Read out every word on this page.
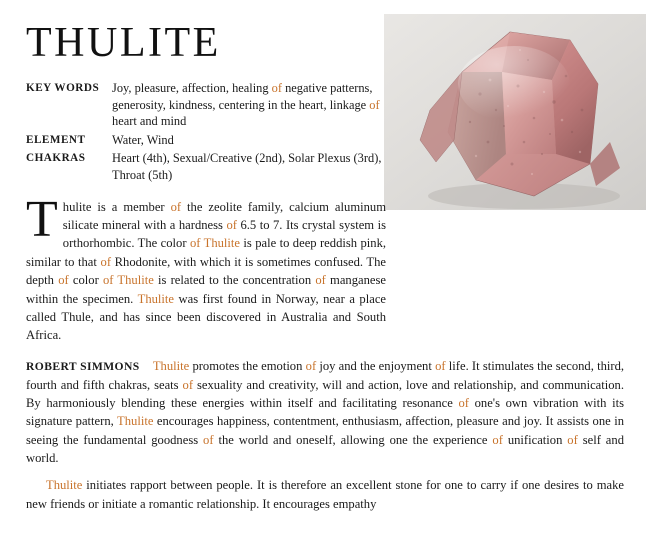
THULITE
KEY WORDS	Joy, pleasure, affection, healing of negative patterns, generosity, kindness, centering in the heart, linkage of heart and mind
ELEMENT	Water, Wind
CHAKRAS	Heart (4th), Sexual/Creative (2nd), Solar Plexus (3rd), Throat (5th)
T hulite is a member of the zeolite family, calcium aluminum silicate mineral with a hardness of 6.5 to 7. Its crystal system is orthorhombic. The color of Thulite is pale to deep reddish pink, similar to that of Rhodonite, with which it is sometimes confused. The depth of color of Thulite is related to the concentration of manganese within the specimen. Thulite was first found in Norway, near a place called Thule, and has since been discovered in Australia and South Africa.

ROBERT SIMMONS Thulite promotes the emotion of joy and the enjoyment of life. It stimulates the second, third, fourth and fifth chakras, seats of sexuality and creativity, will and action, love and relationship, and communication. By harmoniously blending these energies within itself and facilitating resonance of one's own vibration with its signature pattern, Thulite encourages happiness, contentment, enthusiasm, affection, pleasure and joy. It assists one in seeing the fundamental goodness of the world and oneself, allowing one the experience of unification of self and world.

Thulite initiates rapport between people. It is therefore an excellent stone for one to carry if one desires to make new friends or initiate a romantic relationship. It encourages empathy
